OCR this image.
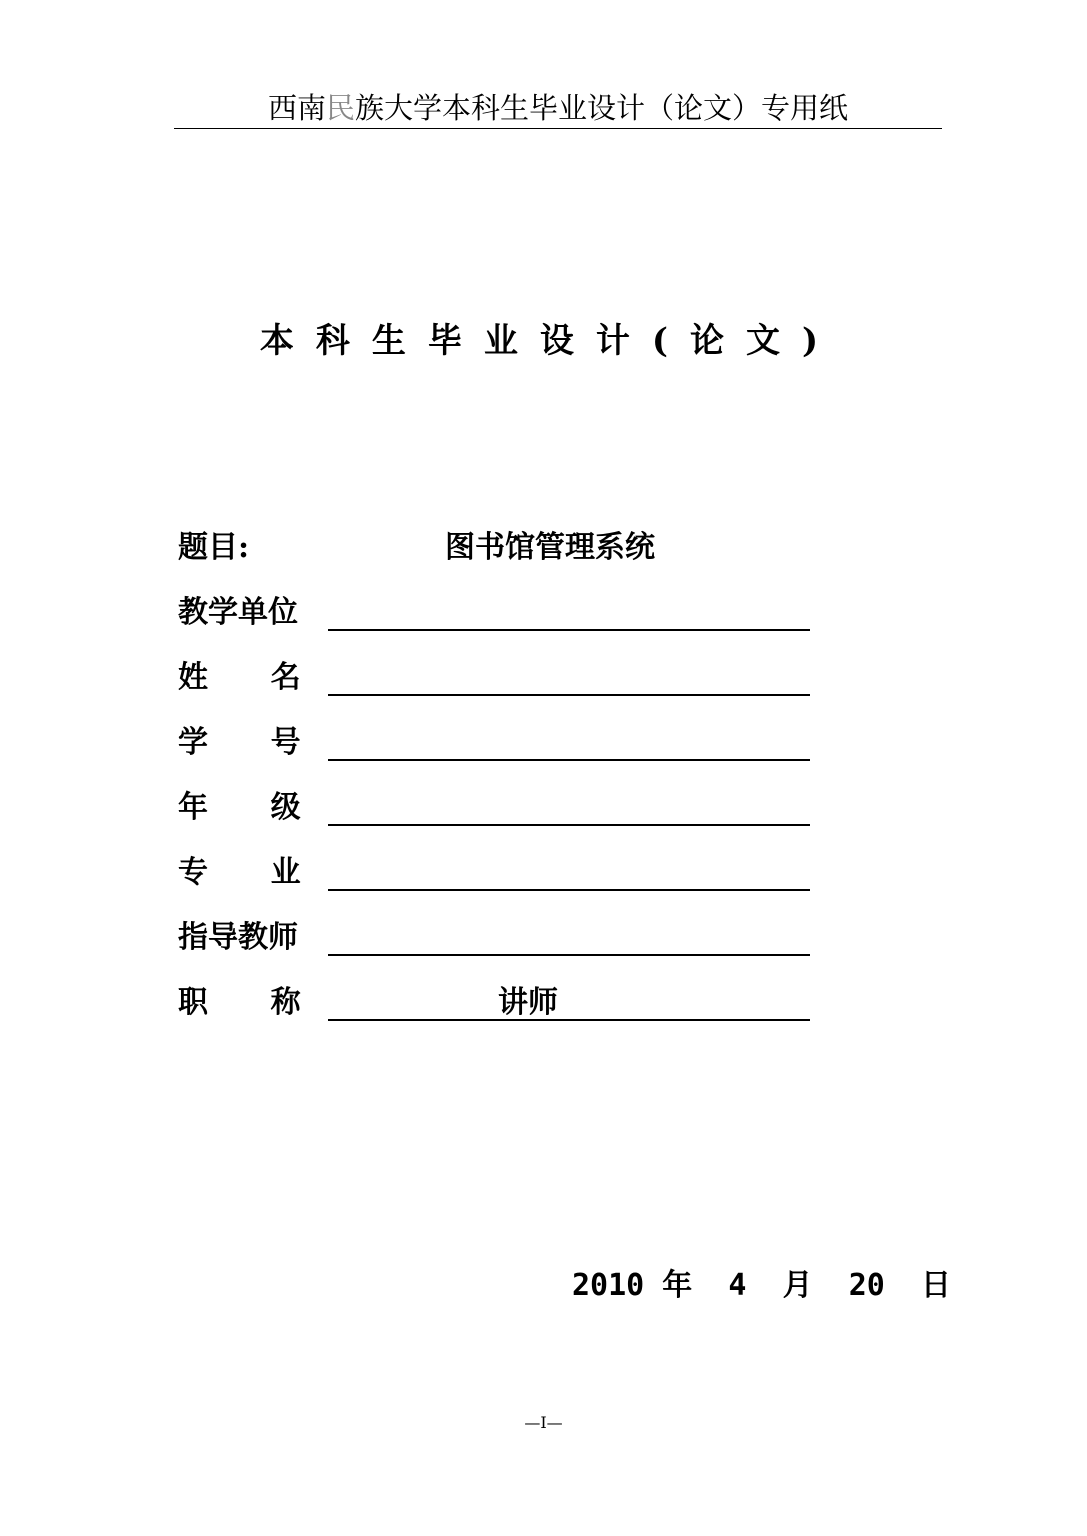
西南民族大学本科生毕业设计（论文）专用纸
本科生毕业设计(论文)
题目:	图书馆管理系统
教学单位
姓      名
学      号
年      级
专      业
指导教师
职      称	讲师
2010 年  4  月  20  日
—I—
